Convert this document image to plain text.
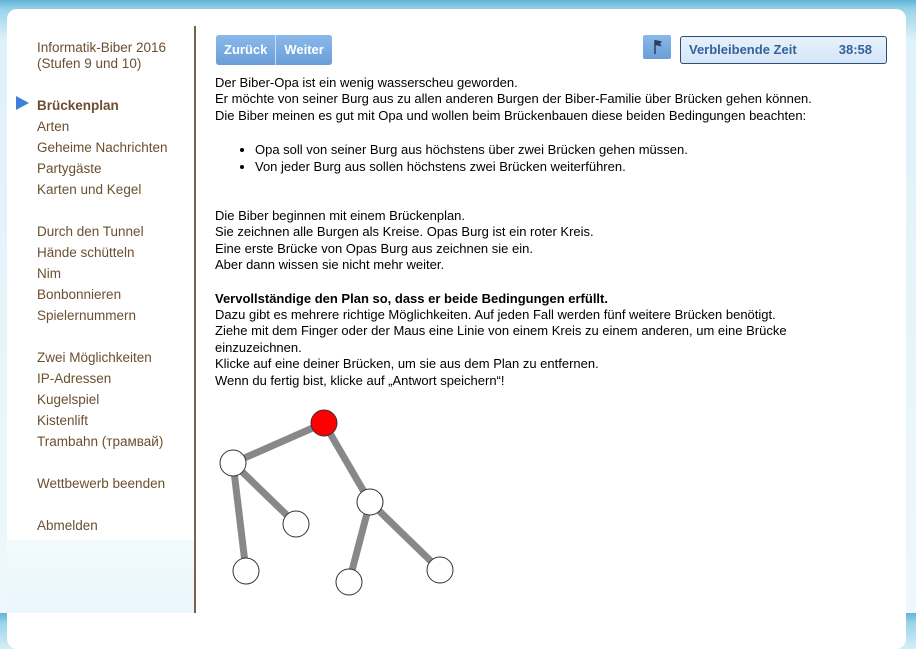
Informatik-Biber 2016
(Stufen 9 und 10)
Brückenplan
Arten
Geheime Nachrichten
Partygäste
Karten und Kegel
Durch den Tunnel
Hände schütteln
Nim
Bonbonnieren
Spielernummern
Zwei Möglichkeiten
IP-Adressen
Kugelspiel
Kistenlift
Trambahn (трамвай)
Wettbewerb beenden
Abmelden
Zurück	Weiter	Verbleibende Zeit	38:58

Der Biber-Opa ist ein wenig wasserscheu geworden.

Er möchte von seiner Burg aus zu allen anderen Burgen der Biber-Familie über Brücken gehen können.

Die Biber meinen es gut mit Opa und wollen beim Brückenbauen diese beiden Bedingungen beachten:

• Opa soll von seiner Burg aus höchstens über zwei Brücken gehen müssen.
• Von jeder Burg aus sollen höchstens zwei Brücken weiterführen.

Die Biber beginnen mit einem Brückenplan.

Sie zeichnen alle Burgen als Kreise. Opas Burg ist ein roter Kreis.

Eine erste Brücke von Opas Burg aus zeichnen sie ein.

Aber dann wissen sie nicht mehr weiter.

Vervollständige den Plan so, dass er beide Bedingungen erfüllt.

Dazu gibt es mehrere richtige Möglichkeiten. Auf jeden Fall werden fünf weitere Brücken benötigt.

Ziehe mit dem Finger oder der Maus eine Linie von einem Kreis zu einem anderen, um eine Brücke

einzuzeichnen.

Klicke auf eine deiner Brücken, um sie aus dem Plan zu entfernen.

Wenn du fertig bist, klicke auf „Antwort speichern“!
